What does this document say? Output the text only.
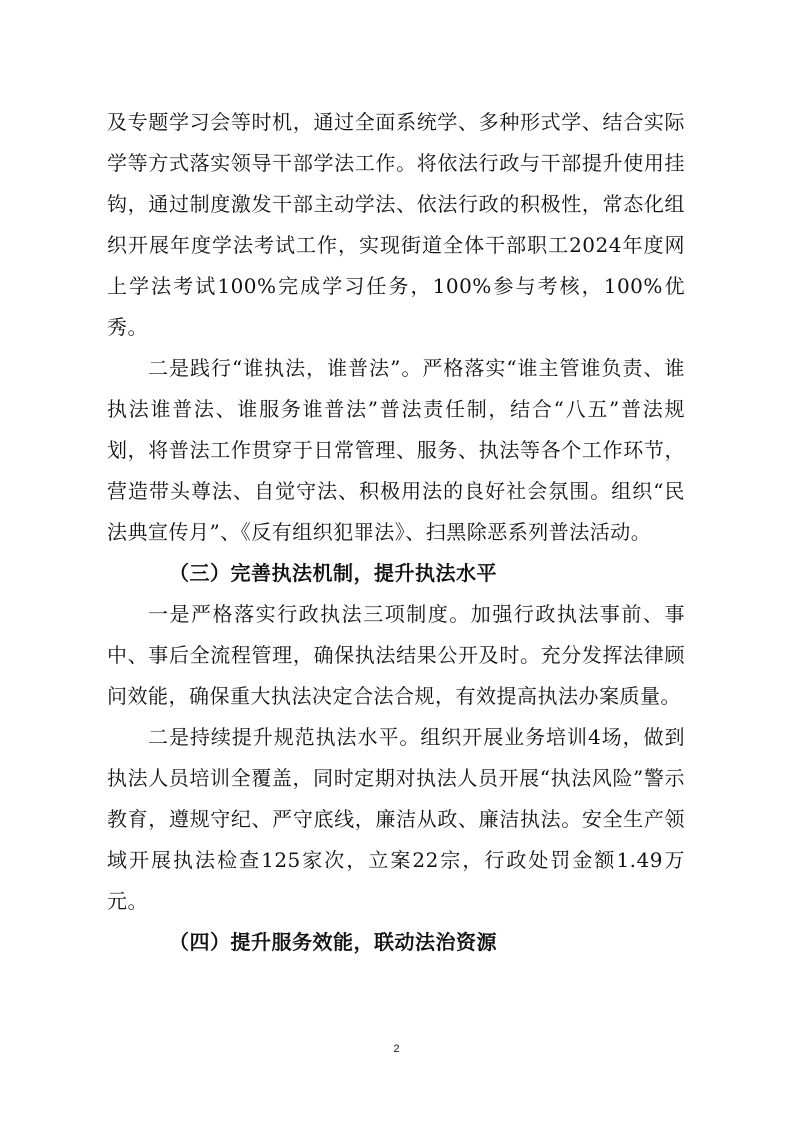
及专题学习会等时机，通过全面系统学、多种形式学、结合实际学等方式落实领导干部学法工作。将依法行政与干部提升使用挂钩，通过制度激发干部主动学法、依法行政的积极性，常态化组织开展年度学法考试工作，实现街道全体干部职工2024年度网上学法考试100%完成学习任务，100%参与考核，100%优秀。

二是践行“谁执法，谁普法”。严格落实“谁主管谁负责、谁执法谁普法、谁服务谁普法”普法责任制，结合“八五”普法规划，将普法工作贯穿于日常管理、服务、执法等各个工作环节，营造带头尊法、自觉守法、积极用法的良好社会氛围。组织“民法典宣传月”、《反有组织犯罪法》、扫黑除恶系列普法活动。

（三）完善执法机制，提升执法水平

一是严格落实行政执法三项制度。加强行政执法事前、事中、事后全流程管理，确保执法结果公开及时。充分发挥法律顾问效能，确保重大执法决定合法合规，有效提高执法办案质量。

二是持续提升规范执法水平。组织开展业务培训4场，做到执法人员培训全覆盖，同时定期对执法人员开展“执法风险”警示教育，遵规守纪、严守底线，廉洁从政、廉洁执法。安全生产领域开展执法检查125家次，立案22宗，行政处罚金额1.49万元。

（四）提升服务效能，联动法治资源

2
